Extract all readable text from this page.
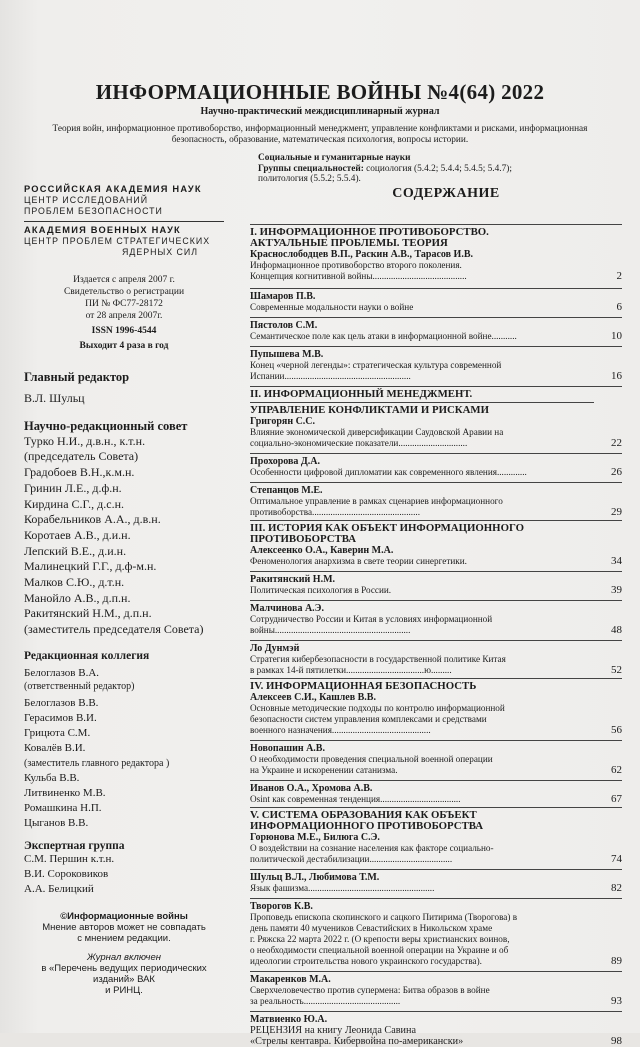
ИНФОРМАЦИОННЫЕ ВОЙНЫ №4(64) 2022
Научно-практический междисциплинарный журнал
Теория войн, информационное противоборство, информационный менеджмент, управление конфликтами и рисками, информационная безопасность, образование, математическая психология, вопросы истории.
Социальные и гуманитарные науки
Группы специальностей: социология (5.4.2; 5.4.4; 5.4.5; 5.4.7);
политология (5.5.2; 5.5.4).
РОССИЙСКАЯ АКАДЕМИЯ НАУК
ЦЕНТР ИССЛЕДОВАНИЙ
ПРОБЛЕМ БЕЗОПАСНОСТИ
АКАДЕМИЯ ВОЕННЫХ НАУК
ЦЕНТР ПРОБЛЕМ СТРАТЕГИЧЕСКИХ
ЯДЕРНЫХ СИЛ
Издается с апреля 2007 г.
Свидетельство о регистрации
ПИ № ФС77-28172
от 28 апреля 2007г.
ISSN 1996-4544
Выходит 4 раза в год
Главный редактор
В.Л. Шульц
Научно-редакционный совет
Турко Н.И., д.в.н., к.т.н.
(председатель Совета)
Градобоев В.Н.,к.м.н.
Гринин Л.Е., д.ф.н.
Кирдина С.Г., д.с.н.
Корабельников А.А., д.в.н.
Коротаев А.В., д.и.н.
Лепский В.Е., д.и.н.
Малинецкий Г.Г., д.ф-м.н.
Малков С.Ю., д.т.н.
Манойло А.В., д.п.н.
Ракитянский Н.М., д.п.н.
(заместитель председателя Совета)
Редакционная коллегия
Белоглазов В.А.
(ответственный редактор)
Белоглазов В.В.
Герасимов В.И.
Грицюта С.М.
Ковалёв В.И.
(заместитель главного редактора )
Кульба В.В.
Литвиненко М.В.
Ромашкина Н.П.
Цыганов В.В.
Экспертная группа
С.М. Першин к.т.н.
В.И. Сороковиков
А.А. Белицкий
©Информационные войны
Мнение авторов может не совпадать
с мнением редакции.
Журнал включен
в «Перечень ведущих периодических изданий» ВАК
и РИНЦ.
СОДЕРЖАНИЕ
I. ИНФОРМАЦИОННОЕ ПРОТИВОБОРСТВО.
АКТУАЛЬНЫЕ ПРОБЛЕМЫ. ТЕОРИЯ
Краснослободцев В.П., Раскин А.В., Тарасов И.В.
Информационное противоборство второго поколения.
Концепция когнитивной войны.........................................	2
Шамаров П.В.
Современные модальности науки о войне	6
Пястолов С.М.
Семантическое поле как цель атаки в информационной войне...........	10
Пупышева М.В.
Конец «черной легенды»: стратегическая культура современной
Испании.......................................................	16
II. ИНФОРМАЦИОННЫЙ МЕНЕДЖМЕНТ.
УПРАВЛЕНИЕ КОНФЛИКТАМИ И РИСКАМИ
Григорян С.С.
Влияние экономической диверсификации Саудовской Аравии на
социально-экономические показатели..............................	22
Прохорова Д.А.
Особенности цифровой дипломатии как современного явления.............	26
Степанцов М.Е.
Оптимальное управление в рамках сценариев информационного
противоборства...............................................	29
III. ИСТОРИЯ КАК ОБЪЕКТ ИНФОРМАЦИОННОГО
ПРОТИВОБОРСТВА
Алексеенко О.А., Каверин М.А.
Феноменология анархизма в свете теории синергетики.	34
Ракитянский Н.М.
Политическая психология в России.	39
Малчинова А.Э.
Сотрудничество России и Китая в условиях информационной
войны...........................................................	48
Ло Дунмэй
Стратегия кибербезопасности в государственной политике Китая
в рамках 14-й пятилетки..................................ю.........	52
IV. ИНФОРМАЦИОННАЯ БЕЗОПАСНОСТЬ
Алексеев С.И., Кашлев В.В.
Основные методические подходы по контролю информационной
безопасности систем управления комплексами и средствами
военного назначения...........................................	56
Новопашин А.В.
О необходимости проведения специальной военной операции
на Украине и искоренении сатанизма.	62
Иванов О.А., Хромова А.В.
Osint как современная тенденция...................................	67
V. СИСТЕМА ОБРАЗОВАНИЯ КАК ОБЪЕКТ
ИНФОРМАЦИОННОГО ПРОТИВОБОРСТВА
Горюнова М.Е., Билюга С.Э.
О воздействии на сознание населения как факторе социально-
политической дестабилизации....................................	74
Шульц В.Л., Любимова Т.М.
Язык фашизма.......................................................	82
Творогов К.В.
Проповедь епископа скопинского и сацкого Питирима (Творогова) в
день памяти 40 мучеников Севастийских в Никольском храме
г. Ряжска 22 марта 2022 г. (О крепости веры христианских воинов,
о необходимости специальной военной операции на Украине и об
идеологии строительства нового украинского государства).	89
Макаренков М.А.
Сверхчеловечество против супермена: Битва образов в войне
за реальность..........................................	93
Матвиенко Ю.А.
РЕЦЕНЗИЯ на книгу Леонида Савина
«Стрелы кентавра. Кибервойна по-американски»	98
